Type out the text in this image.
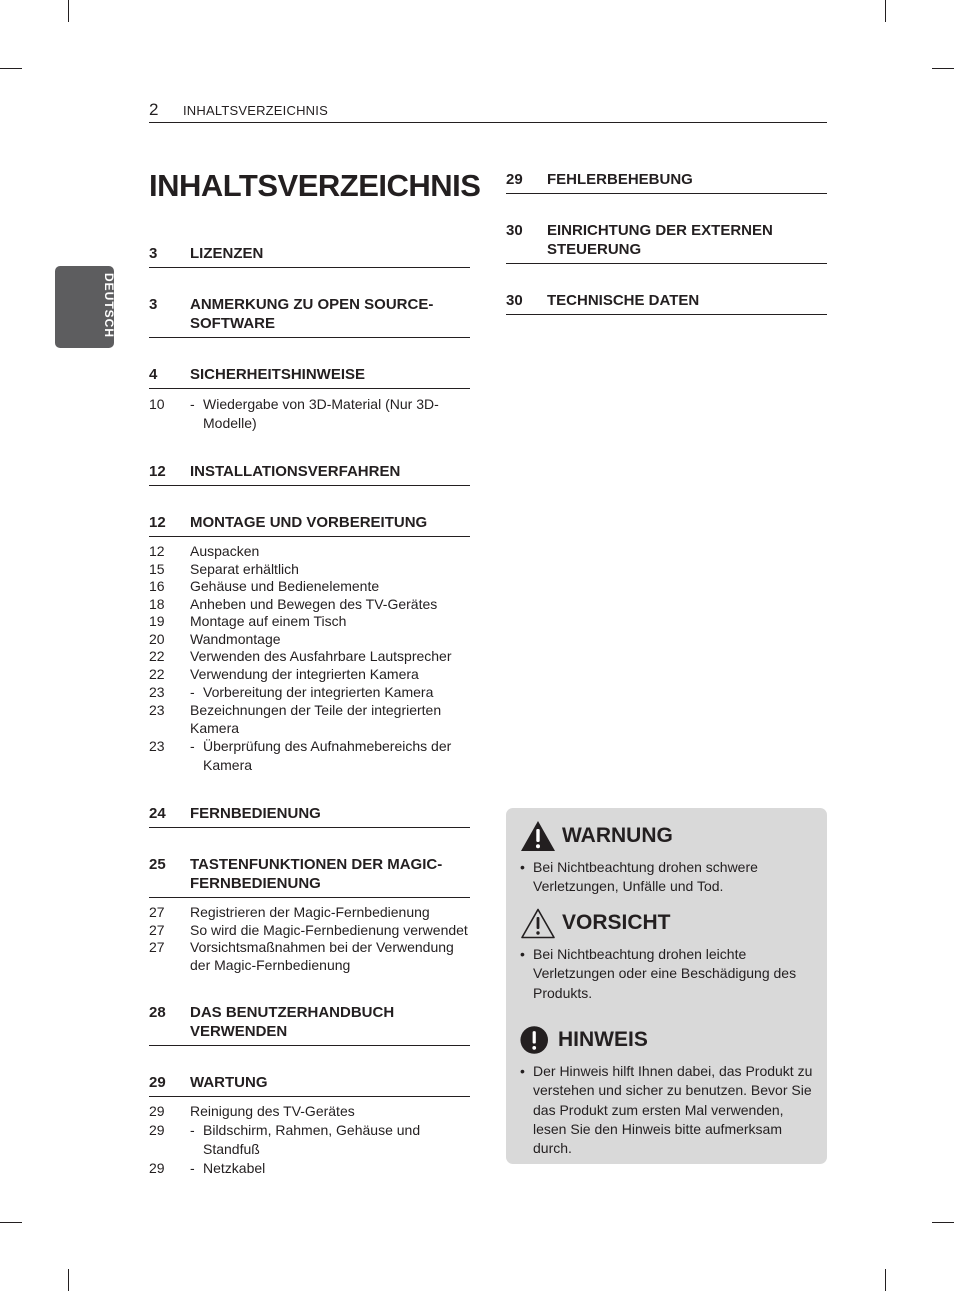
2 INHALTSVERZEICHNIS
DEUTSCH
INHALTSVERZEICHNIS
3	LIZENZEN
3	ANMERKUNG ZU OPEN SOURCE-SOFTWARE
4	SICHERHEITSHINWEISE
10	- Wiedergabe von 3D-Material (Nur 3D-Modelle)
12	INSTALLATIONSVERFAHREN
12	MONTAGE UND VORBEREITUNG
12	Auspacken
15	Separat erhältlich
16	Gehäuse und Bedienelemente
18	Anheben und Bewegen des TV-Gerätes
19	Montage auf einem Tisch
20	Wandmontage
22	Verwenden des Ausfahrbare Lautsprecher
22	Verwendung der integrierten Kamera
23	- Vorbereitung der integrierten Kamera
23	Bezeichnungen der Teile der integrierten Kamera
23	- Überprüfung des Aufnahmebereichs der Kamera
24	FERNBEDIENUNG
25	TASTENFUNKTIONEN DER MAGIC-FERNBEDIENUNG
27	Registrieren der Magic-Fernbedienung
27	So wird die Magic-Fernbedienung verwendet
27	Vorsichtsmaßnahmen bei der Verwendung der Magic-Fernbedienung
28	DAS BENUTZERHANDBUCH VERWENDEN
29	WARTUNG
29	Reinigung des TV-Gerätes
29	- Bildschirm, Rahmen, Gehäuse und Standfuß
29	- Netzkabel
29	FEHLERBEHEBUNG
30	EINRICHTUNG DER EXTERNEN STEUERUNG
30	TECHNISCHE DATEN
WARNUNG
• Bei Nichtbeachtung drohen schwere Verletzungen, Unfälle und Tod.
VORSICHT
• Bei Nichtbeachtung drohen leichte Verletzungen oder eine Beschädigung des Produkts.
HINWEIS
• Der Hinweis hilft Ihnen dabei, das Produkt zu verstehen und sicher zu benutzen. Bevor Sie das Produkt zum ersten Mal verwenden, lesen Sie den Hinweis bitte aufmerksam durch.
